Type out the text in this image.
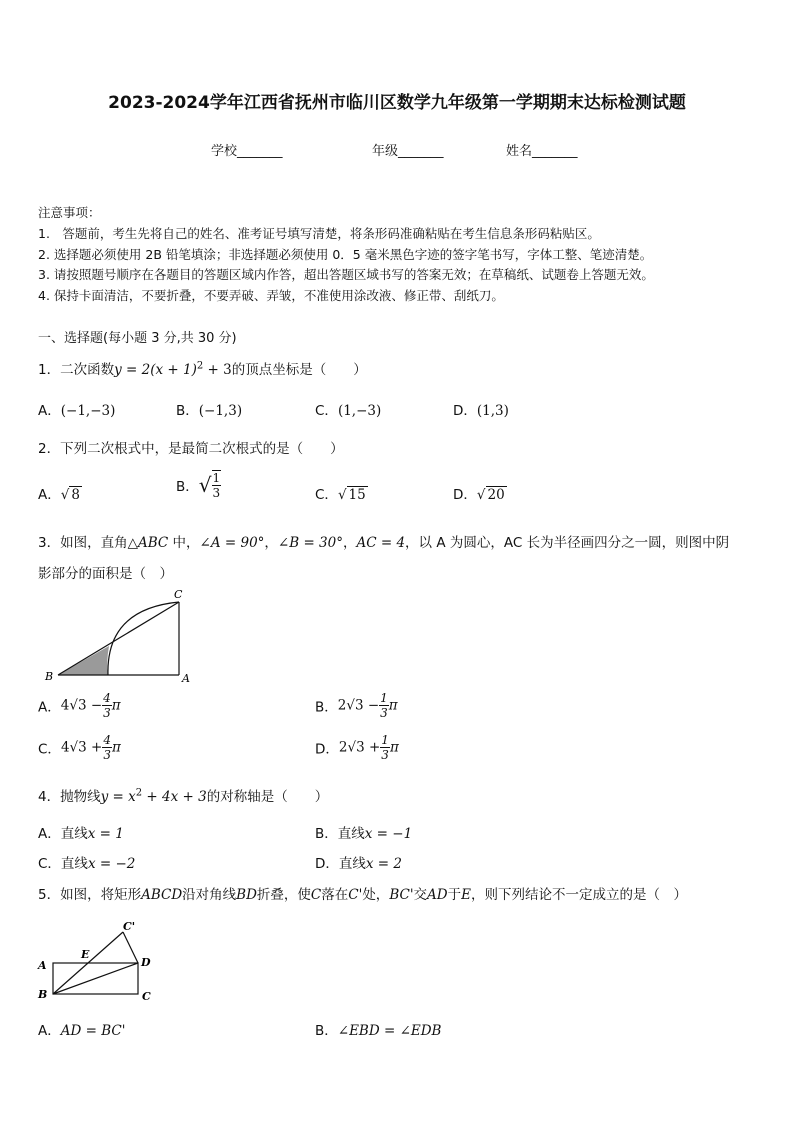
2023-2024学年江西省抚州市临川区数学九年级第一学期期末达标检测试题
学校_______	年级_______	姓名_______
注意事项：
1.　答题前，考生先将自己的姓名、准考证号填写清楚，将条形码准确粘贴在考生信息条形码粘贴区。
2. 选择题必须使用 2B 铅笔填涂；非选择题必须使用 0．5 毫米黑色字迹的签字笔书写，字体工整、笔迹清楚。
3. 请按照题号顺序在各题目的答题区域内作答，超出答题区域书写的答案无效；在草稿纸、试题卷上答题无效。
4. 保持卡面清洁，不要折叠，不要弄破、弄皱，不准使用涂改液、修正带、刮纸刀。
一、选择题(每小题 3 分,共 30 分)
1．二次函数$y = 2(x + 1)^2 + 3$的顶点坐标是（　　）
A．(−1,−3)	B．(−1,3)	C．(1,−3)	D．(1,3)
2．下列二次根式中，是最简二次根式的是（　　）
A．√ 8	B．√ $\frac{1}{3}$	C．√ 15	D．√ 20
3．如图，直角△ABC 中，∠A = 90°，∠B = 30°，AC = 4，以 A 为圆心，AC 长为半径画四分之一圆，则图中阴
影部分的面积是（　）
B	A
C
A．$4√3 - \frac{4}{3}$ π	B．$2√3 - \frac{1}{3}$ π
C．$4√3 + \frac{4}{3}$ π	D．$2√3 + \frac{1}{3}$ π
4．抛物线$y = x^2 + 4x + 3$的对称轴是（　　）
A．直线x = 1	B．直线x = −1
C．直线x = −2	D．直线x = 2
5．如图，将矩形ABCD沿对角线BD折叠，使C落在C'处，BC'交AD于E，则下列结论不一定成立的是（　）
C'
E
A	D
B	C
A．AD = BC'	B．∠EBD = ∠EDB
